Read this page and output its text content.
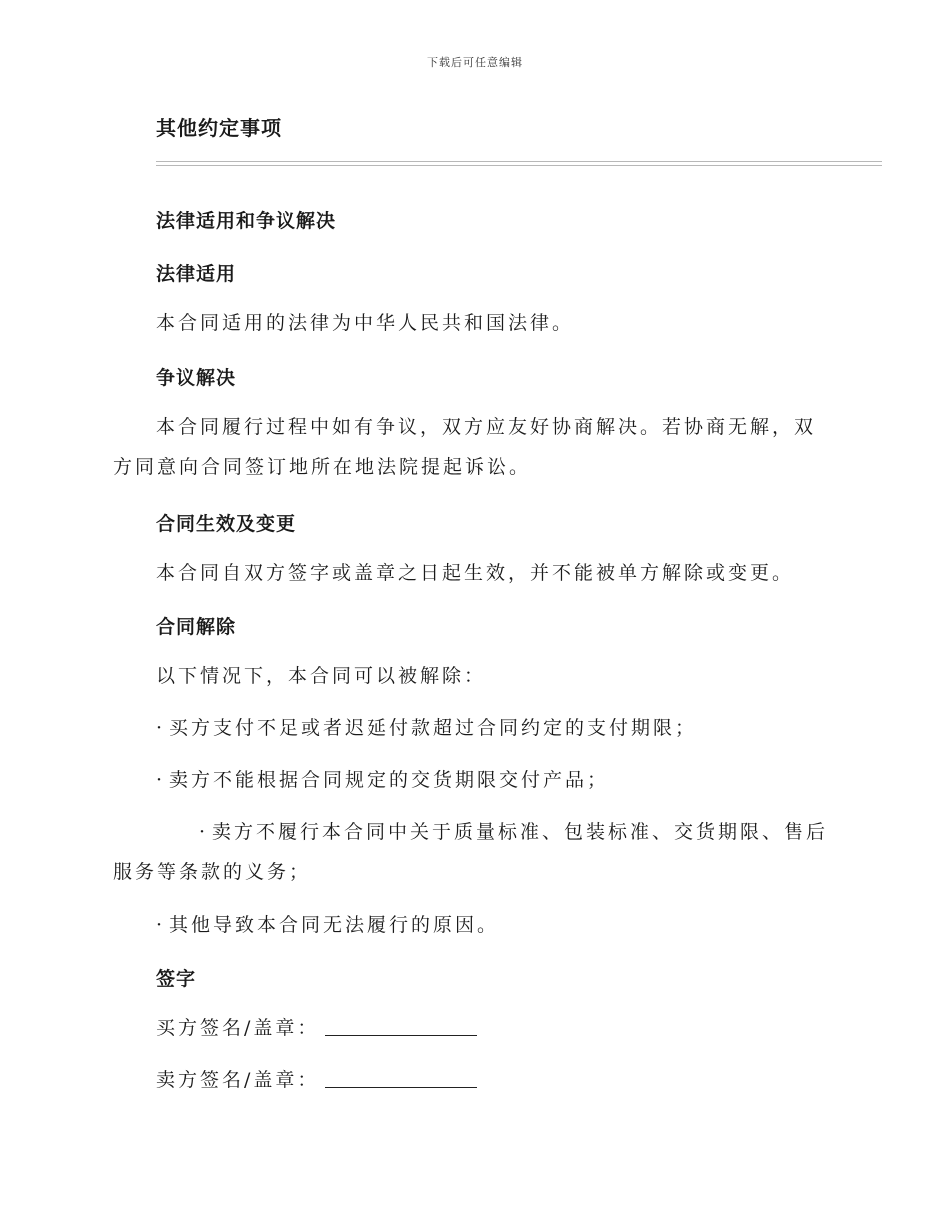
下载后可任意编辑
其他约定事项
法律适用和争议解决
法律适用
本合同适用的法律为中华人民共和国法律。
争议解决
本合同履行过程中如有争议，双方应友好协商解决。若协商无解，双方同意向合同签订地所在地法院提起诉讼。
合同生效及变更
本合同自双方签字或盖章之日起生效，并不能被单方解除或变更。
合同解除
以下情况下，本合同可以被解除：
· 买方支付不足或者迟延付款超过合同约定的支付期限；
· 卖方不能根据合同规定的交货期限交付产品；
· 卖方不履行本合同中关于质量标准、包装标准、交货期限、售后服务等条款的义务；
· 其他导致本合同无法履行的原因。
签字
买方签名/盖章：
卖方签名/盖章：
